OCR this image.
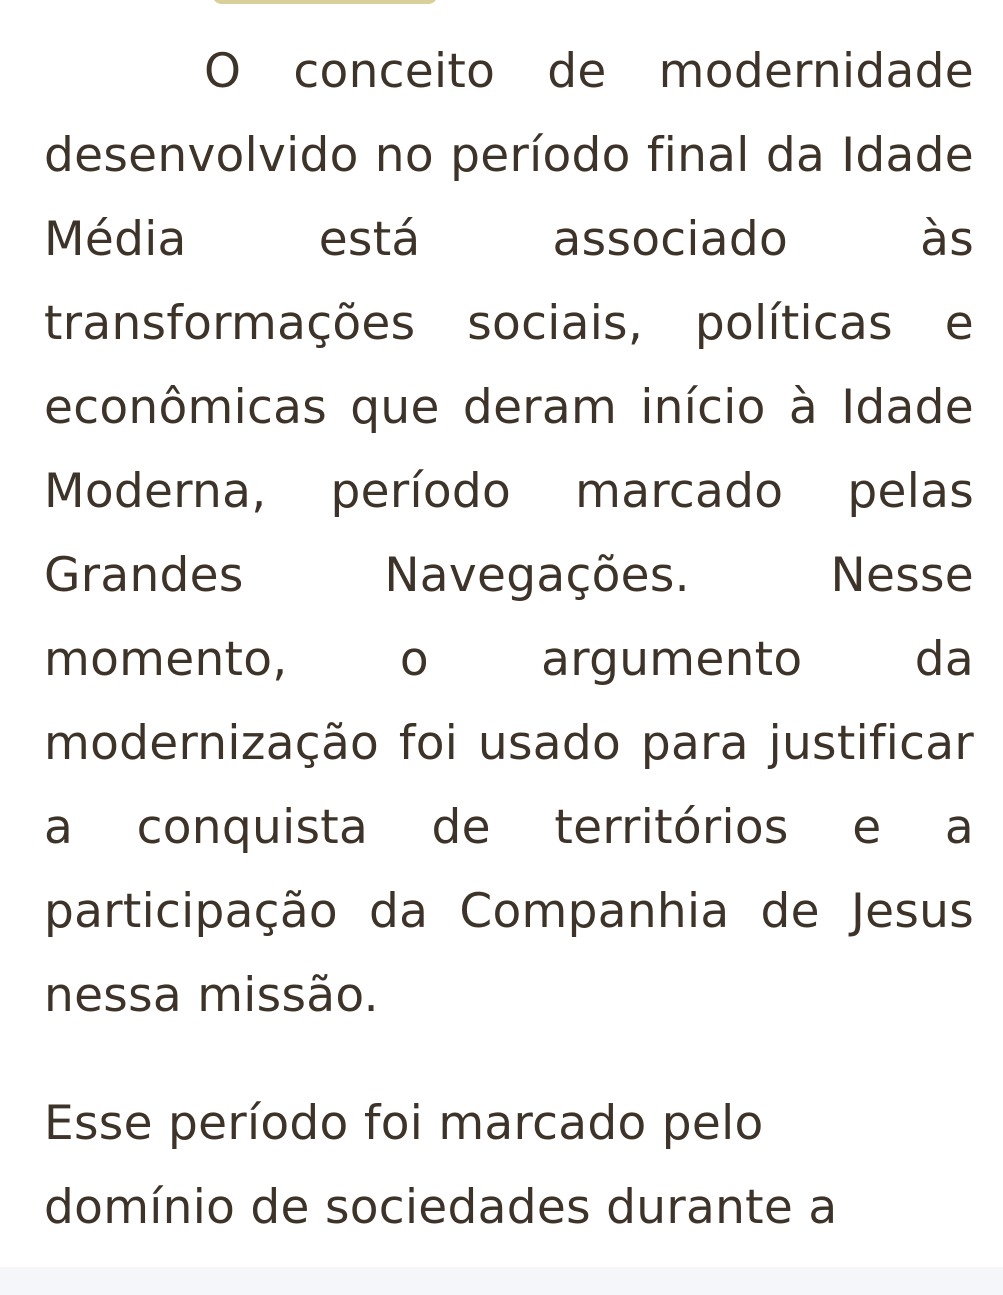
O conceito de modernidade desenvolvido no período final da Idade Média está associado às transformações sociais, políticas e econômicas que deram início à Idade Moderna, período marcado pelas Grandes Navegações. Nesse momento, o argumento da modernização foi usado para justificar a conquista de territórios e a participação da Companhia de Jesus nessa missão.

Esse período foi marcado pelo domínio de sociedades durante a
